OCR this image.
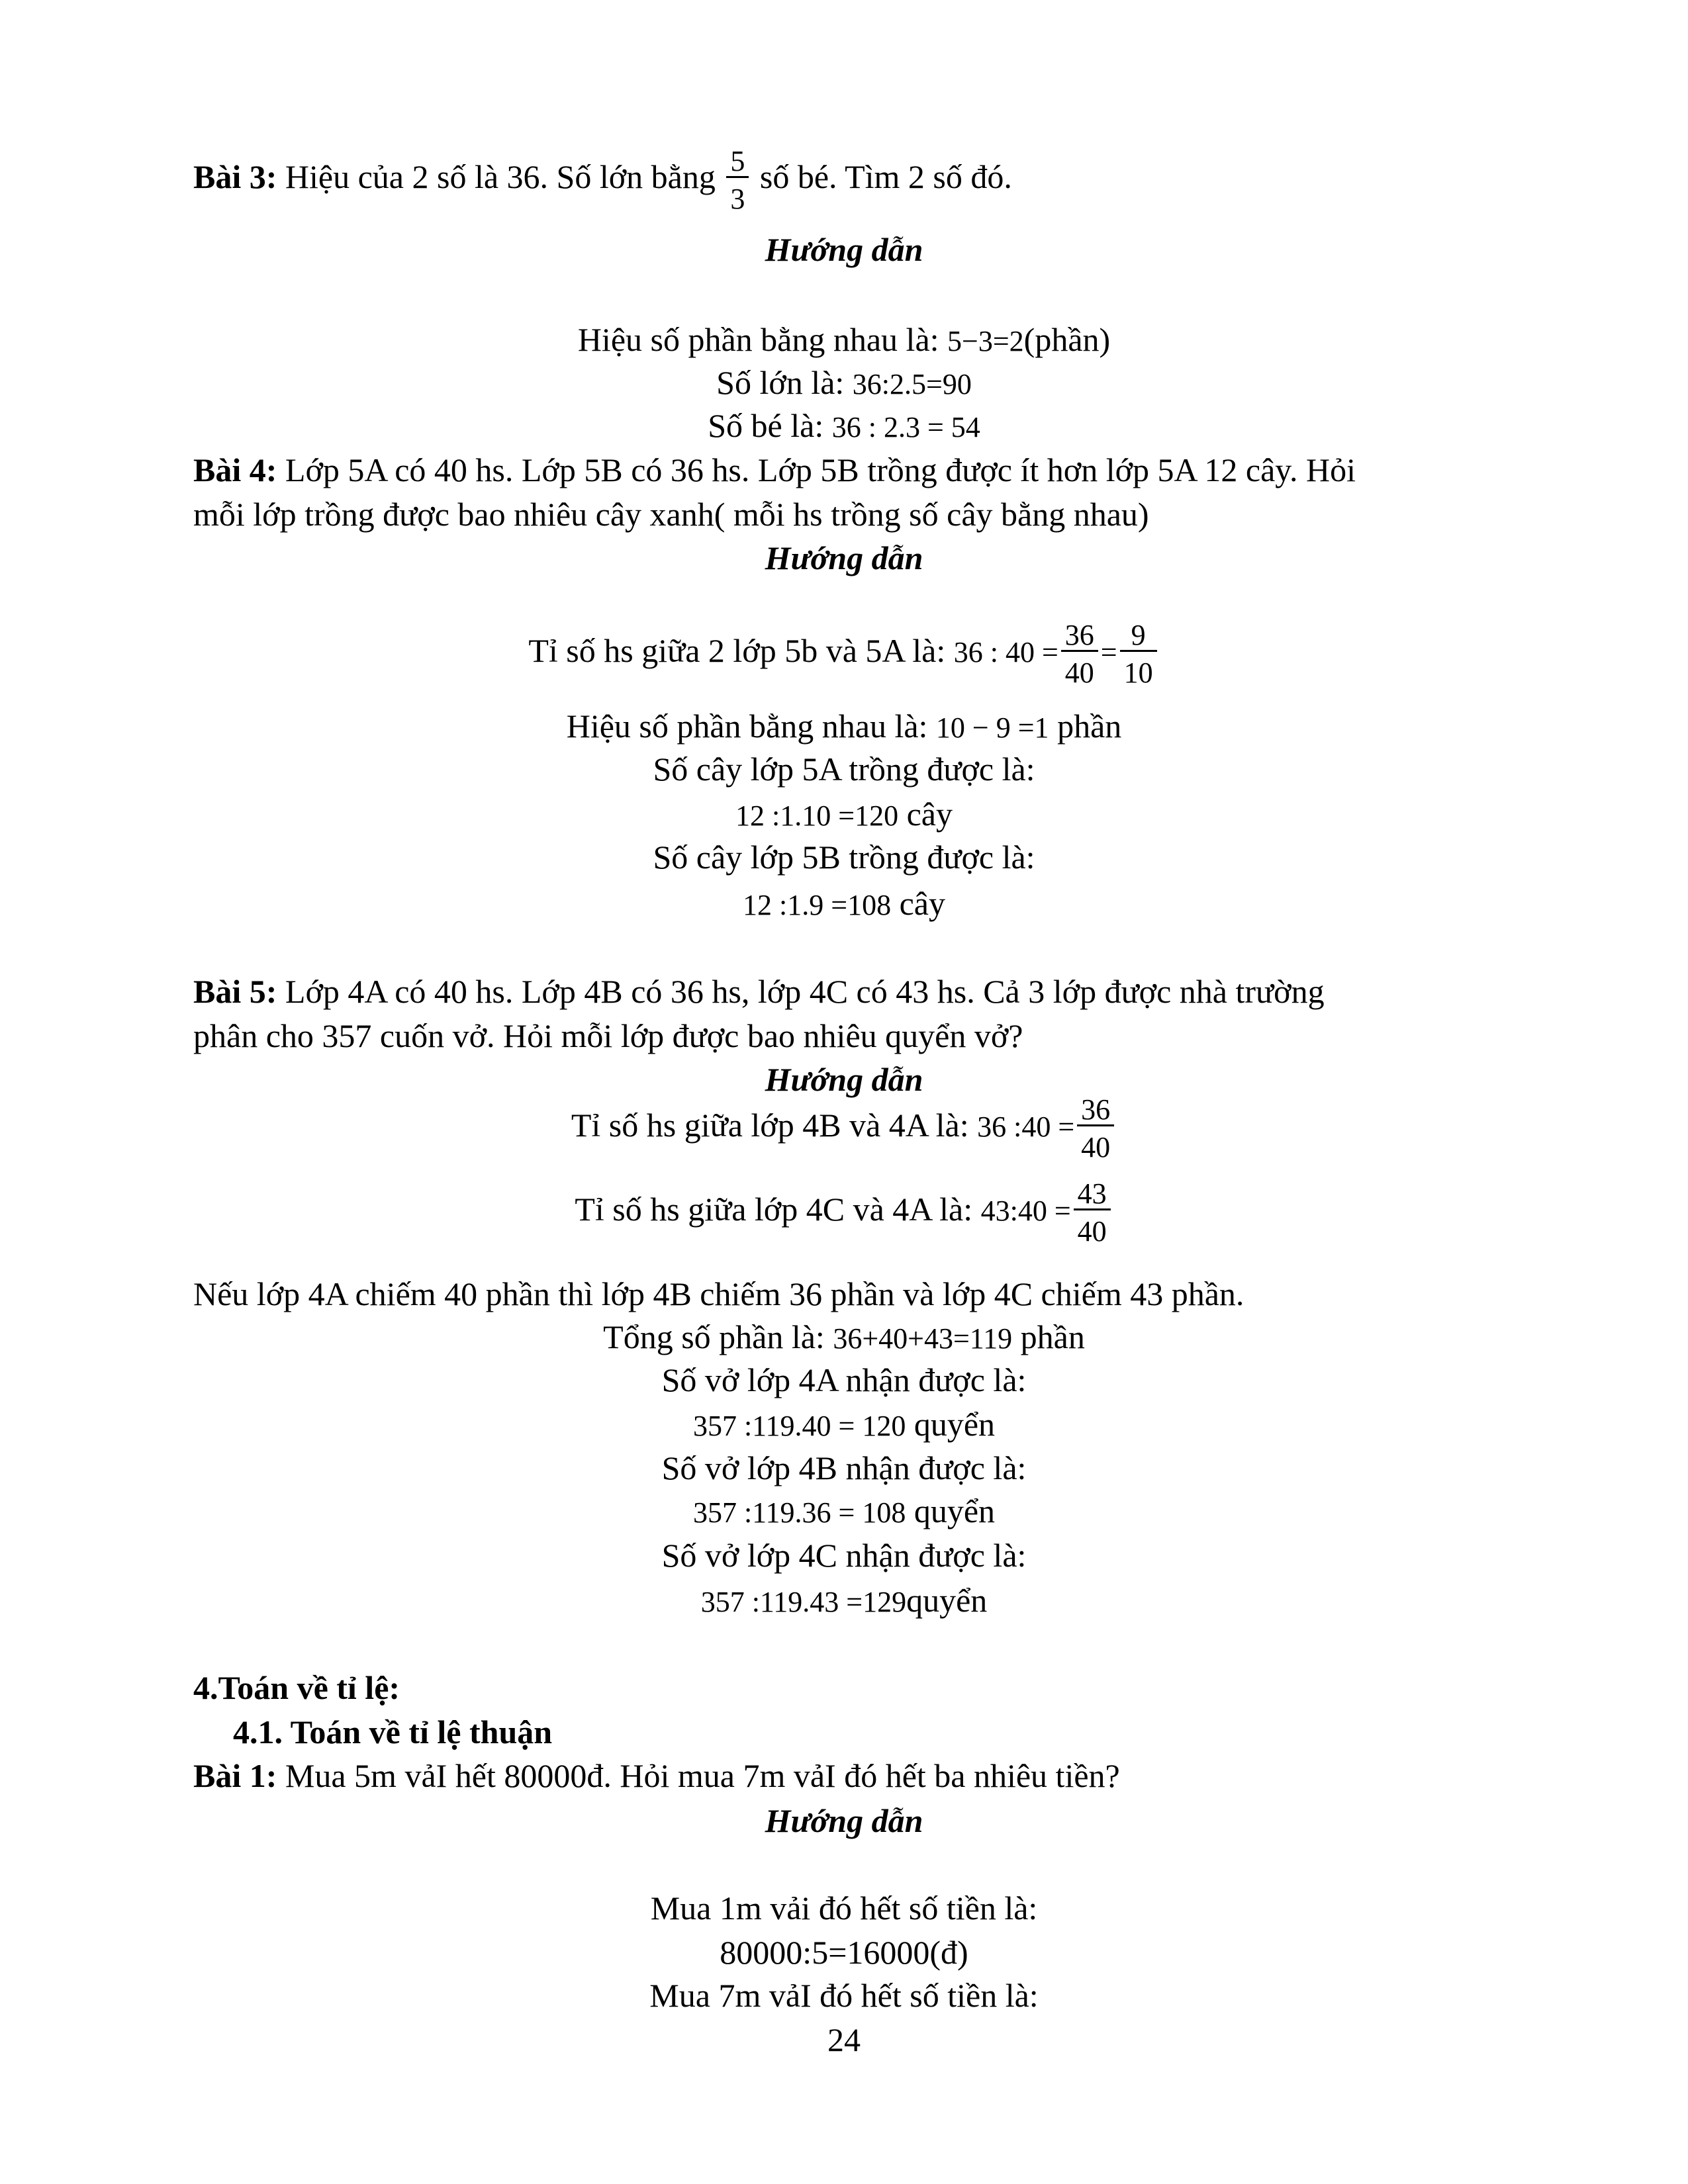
Bài 3: Hiệu của 2 số là 36. Số lớn bằng $\frac{5}{3}$ số bé. Tìm 2 số đó.
Hướng dẫn
Hiệu số phần bằng nhau là: 5−3=2(phần)
Số lớn là: 36:2.5=90
Số bé là: 36 : 2.3 = 54
Bài 4: Lớp 5A có 40 hs. Lớp 5B có 36 hs. Lớp 5B trồng được ít hơn lớp 5A 12 cây. Hỏi
mỗi lớp trồng được bao nhiêu cây xanh( mỗi hs trồng số cây bằng nhau)
Hướng dẫn
Tỉ số hs giữa 2 lớp 5b và 5A là: 36 : $40 = \frac{36}{40} = \frac{9}{10}$
Hiệu số phần bằng nhau là: 10 − 9 =1 phần
Số cây lớp 5A trồng được là:
12 :1.10 =120 cây
Số cây lớp 5B trồng được là:
12 :1.9 =108 cây
Bài 5: Lớp 4A có 40 hs. Lớp 4B có 36 hs, lớp 4C có 43 hs. Cả 3 lớp được nhà trường
phân cho 357 cuốn vở. Hỏi mỗi lớp được bao nhiêu quyển vở?
Hướng dẫn
Tỉ số hs giữa lớp 4B và 4A là: 36 :40 = $\frac{36}{40}$
Tỉ số hs giữa lớp 4C và 4A là: 43:40 = $\frac{43}{40}$
Nếu lớp 4A chiếm 40 phần thì lớp 4B chiếm 36 phần và lớp 4C chiếm 43 phần.
Tổng số phần là: 36+40+43=119 phần
Số vở lớp 4A nhận được là:
357 :119.40 = 120 quyển
Số vở lớp 4B nhận được là:
357 :119.36 = 108 quyển
Số vở lớp 4C nhận được là:
357 :119.43 =129quyển
4.Toán về tỉ lệ:
4.1. Toán về tỉ lệ thuận
Bài 1: Mua 5m vảI hết 80000đ. Hỏi mua 7m vảI đó hết ba nhiêu tiền?
Hướng dẫn
Mua 1m vải đó hết số tiền là:
80000:5=16000(đ)
Mua 7m vảI đó hết số tiền là:
24
